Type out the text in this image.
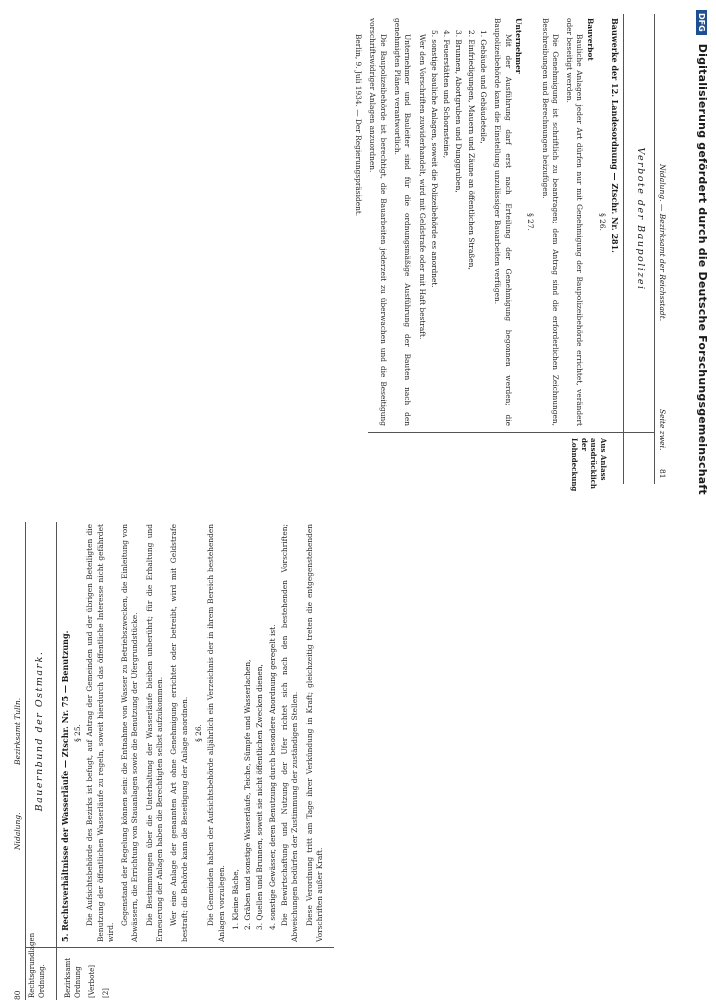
80
Nidalung.
Bezirksamt Tulln.
Rechtsgrundlagen Ordnung.
Bauernbund der Ostmark.
Bezirksamt Ordnung [Verbote] [2]
5. Rechtsverhältnisse der Wasserläufe — Ztschr. Nr. 75 — Benutzung. § 25. Die Aufsichtsbehörde des Bezirks ist befugt, auf Antrag der Gemeinden und der übrigen Beteiligten die Benutzung der öffentlichen Wasserläufe zu regeln, soweit hierdurch das öffentliche Interesse nicht gefährdet wird.

Gegenstand der Regelung können sein: die Entnahme von Wasser zu Betriebszwecken, die Einleitung von Abwässern, die Errichtung von Stauanlagen sowie die Benutzung der Ufergrundstücke. Die Bestimmungen über die Unterhaltung der Wasserläufe bleiben unberührt; für die Erhaltung und Erneuerung der Anlagen haben die Berechtigten selbst aufzukommen. Wer eine Anlage der genannten Art ohne Genehmigung errichtet oder betreibt, wird mit Geldstrafe bestraft; die Behörde kann die Beseitigung der Anlage anordnen. § 26. Die Gemeinden haben der Aufsichtsbehörde alljährlich ein Verzeichnis der in ihrem Bereich bestehenden Anlagen vorzulegen. 1. Kleine Bäche, 2. Gräben und sonstige Wasserläufe, Teiche, Sümpfe und Wasserlachen, 3. Quellen und Brunnen, soweit sie nicht öffentlichen Zwecken dienen, 4. sonstige Gewässer, deren Benutzung durch besondere Anordnung geregelt ist. Die Bewirtschaftung und Nutzung der Ufer richtet sich nach den bestehenden Vorschriften; Abweichungen bedürfen der Zustimmung der zuständigen Stellen. Diese Verordnung tritt am Tage ihrer Verkündung in Kraft; gleichzeitig treten die entgegenstehenden Vorschriften außer Kraft.

Nidalung. — Bezirksamt der Reichsstadt.
Seite zwei.
81
Verbote der Baupolizei
Aus Anlass ausdrücklich der Lohndeckung
Bauwerke der 12. Landesordnung — Ztschr. Nr. 281.
§ 26.
Bauverbot

Bauliche Anlagen jeder Art dürfen nur mit Genehmigung der Baupolizeibehörde errichtet, verändert oder beseitigt werden.

Die Genehmigung ist schriftlich zu beantragen; dem Antrag sind die erforderlichen Zeichnungen, Beschreibungen und Berechnungen beizufügen.

§ 27.
Unternehmer

Mit der Ausführung darf erst nach Erteilung der Genehmigung begonnen werden; die Baupolizeibehörde kann die Einstellung unzulässiger Bauarbeiten verfügen.

1. Gebäude und Gebäudeteile,
2. Einfriedigungen, Mauern und Zäune an öffentlichen Straßen,
3. Brunnen, Abortgruben und Dunggruben,
4. Feuerstätten und Schornsteine,
5. sonstige bauliche Anlagen, soweit die Polizeibehörde es anordnet.

Wer den Vorschriften zuwiderhandelt, wird mit Geldstrafe oder mit Haft bestraft.

Unternehmer und Bauleiter sind für die ordnungsmäßige Ausführung der Bauten nach den genehmigten Plänen verantwortlich.

Die Baupolizeibehörde ist berechtigt, die Bauarbeiten jederzeit zu überwachen und die Beseitigung vorschriftswidriger Anlagen anzuordnen.

Berlin, 9. Juli 1934. — Der Regierungspräsident.

DFG Digitalisierung gefördert durch die Deutsche Forschungsgemeinschaft
